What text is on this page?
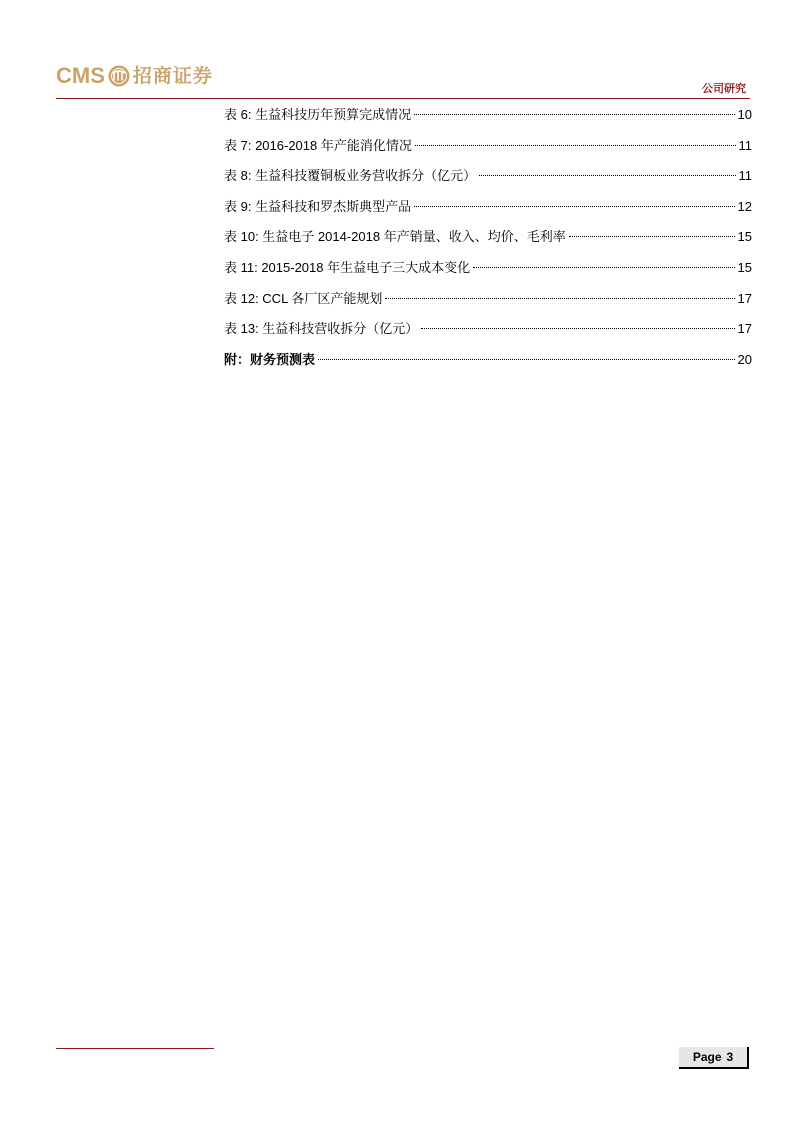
CMS 招商证券
公司研究
表 6: 生益科技历年预算完成情况	10
表 7: 2016-2018 年产能消化情况	11
表 8: 生益科技覆铜板业务营收拆分（亿元）	11
表 9: 生益科技和罗杰斯典型产品	12
表 10: 生益电子 2014-2018 年产销量、收入、均价、毛利率	15
表 11: 2015-2018 年生益电子三大成本变化	15
表 12: CCL 各厂区产能规划	17
表 13: 生益科技营收拆分（亿元）	17
附：财务预测表	20
Page 3
